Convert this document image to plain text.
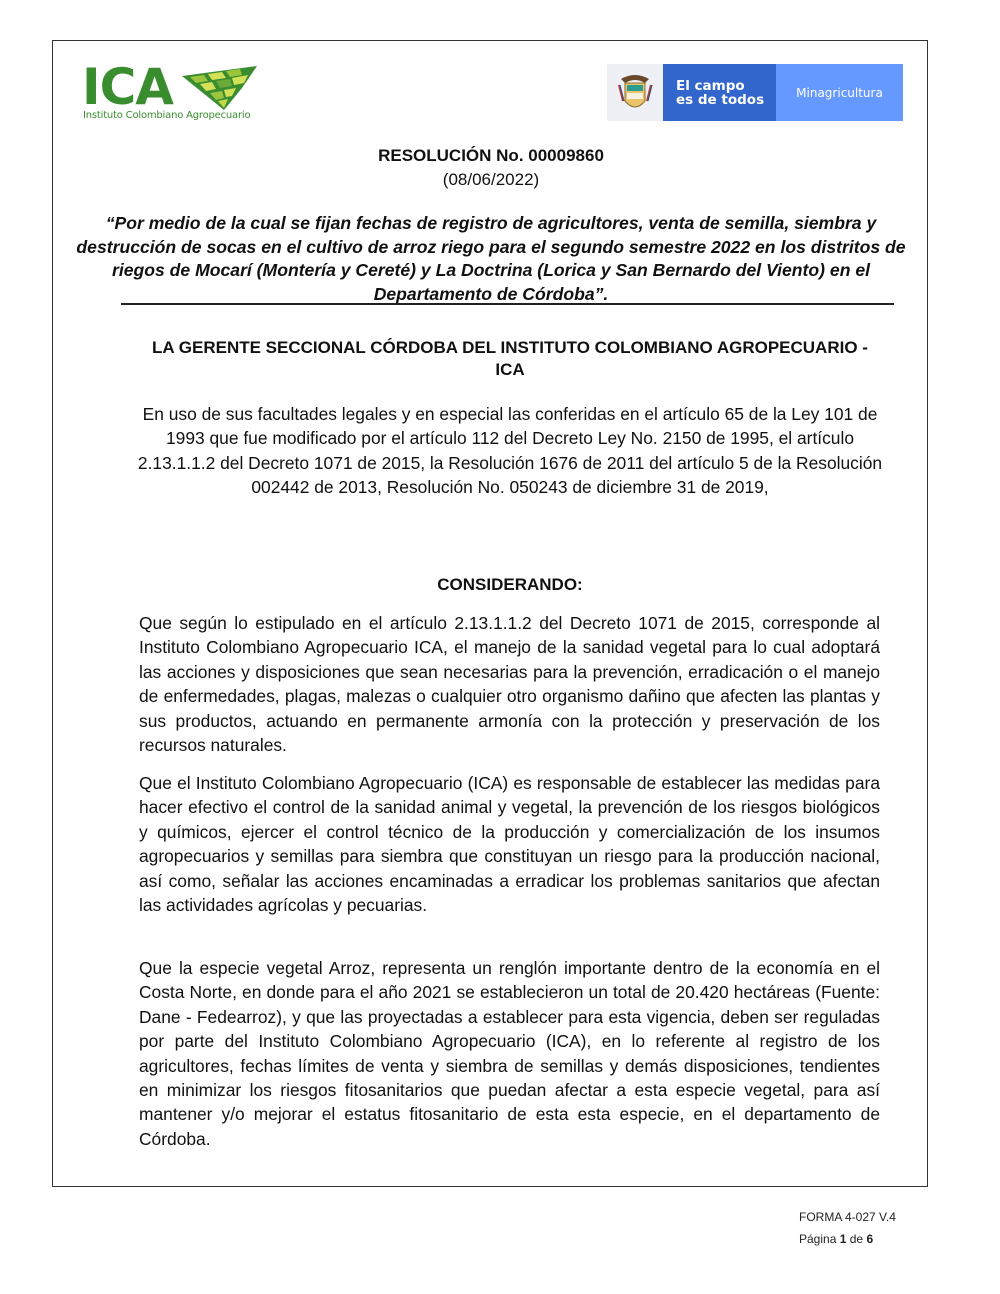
ICA
Instituto Colombiano Agropecuario
El campo
es de todos	Minagricultura
RESOLUCIÓN No. 00009860
(08/06/2022)
“Por medio de la cual se fijan fechas de registro de agricultores, venta de semilla, siembra y destrucción de socas en el cultivo de arroz riego para el segundo semestre 2022 en los distritos de riegos de Mocarí (Montería y Cereté) y La Doctrina (Lorica y San Bernardo del Viento) en el Departamento de Córdoba”.
LA GERENTE SECCIONAL CÓRDOBA DEL INSTITUTO COLOMBIANO AGROPECUARIO - ICA
En uso de sus facultades legales y en especial las conferidas en el artículo 65 de la Ley 101 de 1993 que fue modificado por el artículo 112 del Decreto Ley No. 2150 de 1995, el artículo 2.13.1.1.2 del Decreto 1071 de 2015, la Resolución 1676 de 2011 del artículo 5 de la Resolución 002442 de 2013, Resolución No. 050243 de diciembre 31 de 2019,
CONSIDERANDO:
Que según lo estipulado en el artículo 2.13.1.1.2 del Decreto 1071 de 2015, corresponde al Instituto Colombiano Agropecuario ICA, el manejo de la sanidad vegetal para lo cual adoptará las acciones y disposiciones que sean necesarias para la prevención, erradicación o el manejo de enfermedades, plagas, malezas o cualquier otro organismo dañino que afecten las plantas y sus productos, actuando en permanente armonía con la protección y preservación de los recursos naturales.
Que el Instituto Colombiano Agropecuario (ICA) es responsable de establecer las medidas para hacer efectivo el control de la sanidad animal y vegetal, la prevención de los riesgos biológicos y químicos, ejercer el control técnico de la producción y comercialización de los insumos agropecuarios y semillas para siembra que constituyan un riesgo para la producción nacional, así como, señalar las acciones encaminadas a erradicar los problemas sanitarios que afectan las actividades agrícolas y pecuarias.
Que la especie vegetal Arroz, representa un renglón importante dentro de la economía en el Costa Norte, en donde para el año 2021 se establecieron un total de 20.420 hectáreas (Fuente: Dane - Fedearroz), y que las proyectadas a establecer para esta vigencia, deben ser reguladas por parte del Instituto Colombiano Agropecuario (ICA), en lo referente al registro de los agricultores, fechas límites de venta y siembra de semillas y demás disposiciones, tendientes en minimizar los riesgos fitosanitarios que puedan afectar a esta especie vegetal, para así mantener y/o mejorar el estatus fitosanitario de esta esta especie, en el departamento de Córdoba.
FORMA 4-027 V.4
Página 1 de 6
